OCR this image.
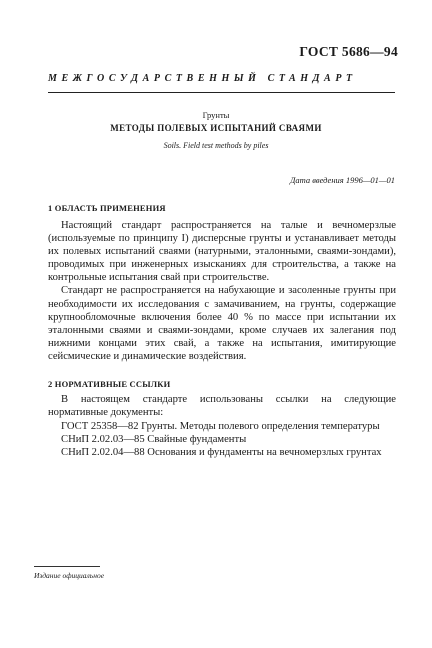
ГОСТ 5686—94
МЕЖГОСУДАРСТВЕННЫЙ СТАНДАРТ
Грунты
МЕТОДЫ ПОЛЕВЫХ ИСПЫТАНИЙ СВАЯМИ
Soils. Field test methods by piles
Дата введения 1996—01—01
1 ОБЛАСТЬ ПРИМЕНЕНИЯ

Настоящий стандарт распространяется на талые и вечномерзлые (используемые по принципу I) дисперсные грунты и устанавливает методы их полевых испытаний сваями (натурными, эталонными, сваями-зондами), проводимых при инженерных изысканиях для строительства, а также на контрольные испытания свай при строительстве.

Стандарт не распространяется на набухающие и засоленные грунты при необходимости их исследования с замачиванием, на грунты, содержащие крупнообломочные включения более 40 % по массе при испытании их эталонными сваями и сваями-зондами, кроме случаев их залегания под нижними концами этих свай, а также на испытания, имитирующие сейсмические и динамические воздействия.

2 НОРМАТИВНЫЕ ССЫЛКИ

В настоящем стандарте использованы ссылки на следующие нормативные документы:

ГОСТ 25358—82 Грунты. Методы полевого определения температуры

СНиП 2.02.03—85 Свайные фундаменты

СНиП 2.02.04—88 Основания и фундаменты на вечномерзлых грунтах

Издание официальное
